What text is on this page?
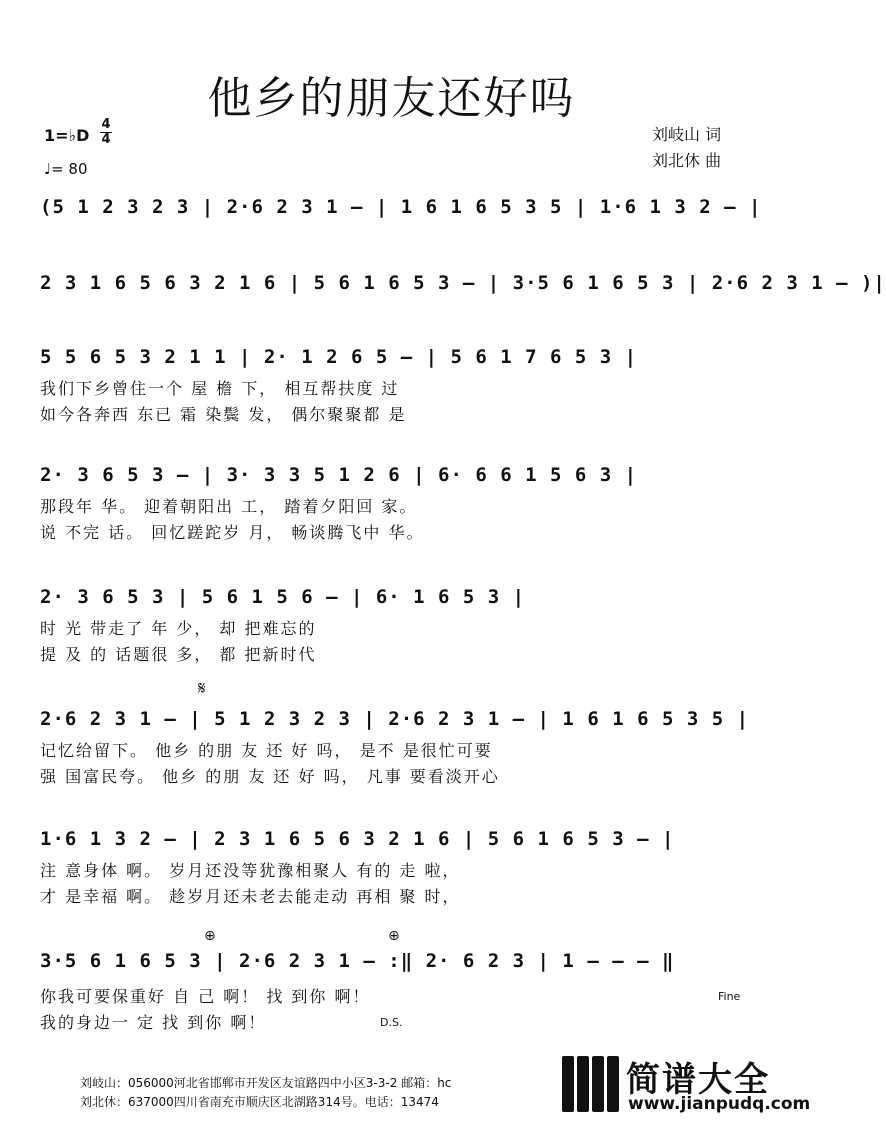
他乡的朋友还好吗
1=♭D
4
4
♩= 80
刘岐山 词
刘北休 曲
(5 1 2 3 2 3 | 2·6 2 3 1 – | 1 6 1 6 5 3 5 | 1·6 1 3 2 – |
2 3 1 6 5 6 3 2 1 6 | 5 6 1 6 5 3 – | 3·5 6 1 6 5 3 | 2·6 2 3 1 – )|
5 5 6 5 3 2 1 1 | 2· 1 2 6 5 – | 5 6 1 7 6 5 3 |
我们下乡曾住一个 屋 檐 下， 相互帮扶度 过
如今各奔西 东已 霜 染鬓 发， 偶尔聚聚都 是
2· 3 6 5 3 – | 3· 3 3 5 1 2 6 | 6· 6 6 1 5 6 3 |
那段年 华。 迎着朝阳出 工， 踏着夕阳回 家。
说 不完 话。 回忆蹉跎岁 月， 畅谈腾飞中 华。
2· 3 6 5 3 | 5 6 1 5 6 – | 6· 1 6 5 3 |
时 光 带走了 年 少， 却 把难忘的
提 及 的 话题很 多， 都 把新时代
𝄋
2·6 2 3 1 – | 5 1 2 3 2 3 | 2·6 2 3 1 – | 1 6 1 6 5 3 5 |
记忆给留下。 他乡 的朋 友 还 好 吗， 是不 是很忙可要
强 国富民夸。 他乡 的朋 友 还 好 吗， 凡事 要看淡开心
1·6 1 3 2 – | 2 3 1 6 5 6 3 2 1 6 | 5 6 1 6 5 3 – |
注 意身体 啊。 岁月还没等犹豫相聚人 有的 走 啦，
才 是幸福 啊。 趁岁月还未老去能走动 再相 聚 时，
⊕	⊕
3·5 6 1 6 5 3 | 2·6 2 3 1 – :‖ 2· 6 2 3 | 1 – – – ‖
你我可要保重好 自 己 啊！ 找 到你 啊！
我的身边一 定 找 到你 啊！
Fine
D.S.
刘岐山：056000河北省邯郸市开发区友谊路四中小区3-3-2 邮箱：hc
刘北休：637000四川省南充市顺庆区北湖路314号。电话：13474
简谱大全
www.jianpudq.com
